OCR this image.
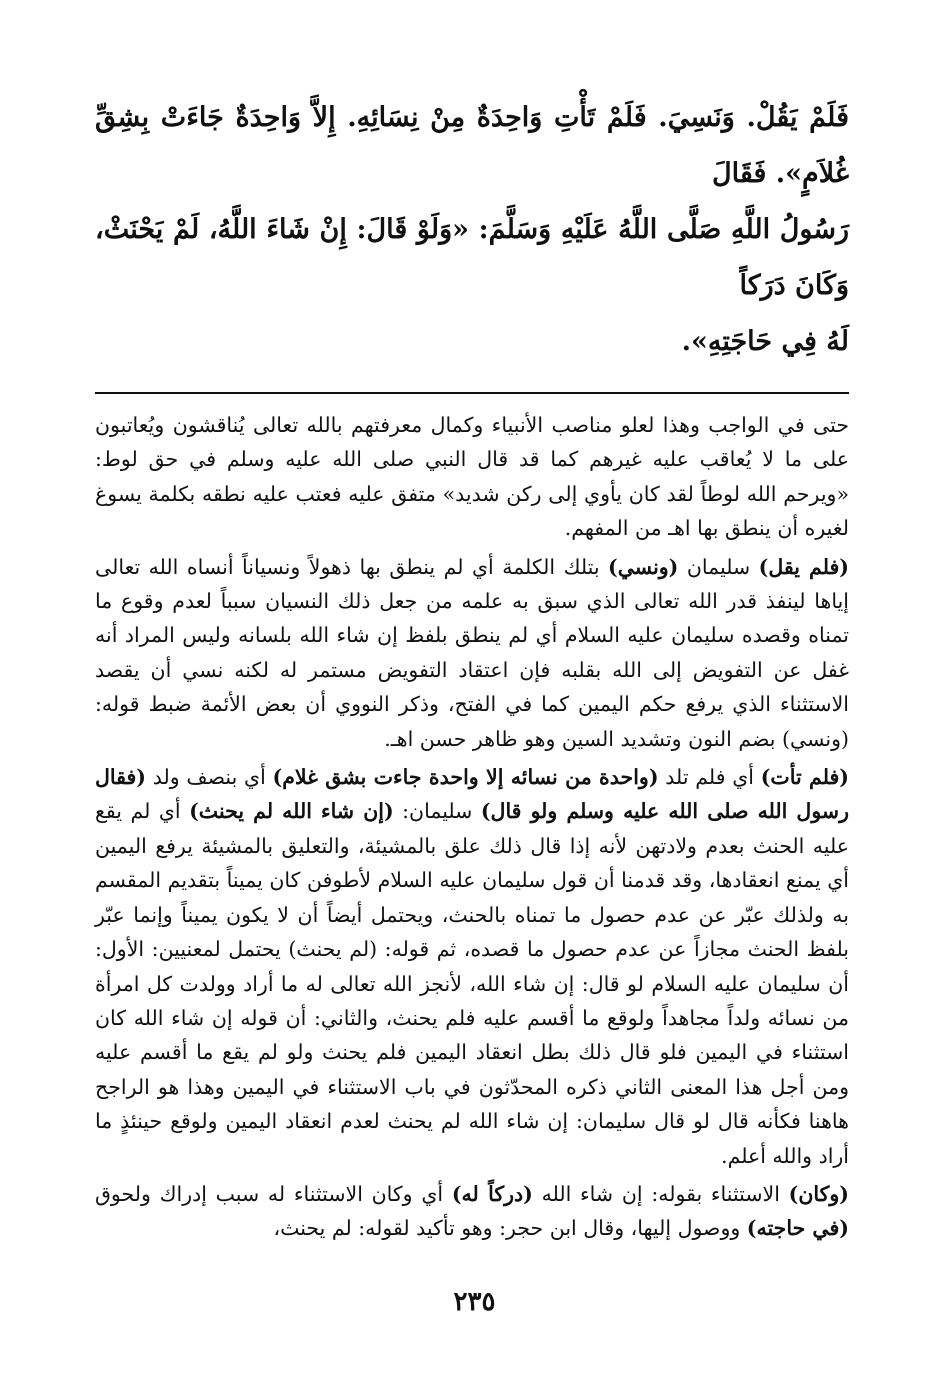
فَلَمْ يَقُلْ. وَنَسِيَ. فَلَمْ تَأْتِ وَاحِدَةٌ مِنْ نِسَائِهِ. إِلاَّ وَاحِدَةٌ جَاءَتْ بِشِقِّ غُلاَمٍ». فَقَالَ

رَسُولُ اللَّهِ صَلَّى اللَّهُ عَلَيْهِ وَسَلَّمَ: «وَلَوْ قَالَ: إِنْ شَاءَ اللَّهُ، لَمْ يَحْنَثْ، وَكَانَ دَرَكاً

لَهُ فِي حَاجَتِهِ».

حتى في الواجب وهذا لعلو مناصب الأنبياء وكمال معرفتهم بالله تعالى يُناقشون ويُعاتبون على ما لا يُعاقب عليه غيرهم كما قد قال النبي صلى الله عليه وسلم في حق لوط: «ويرحم الله لوطاً لقد كان يأوي إلى ركن شديد» متفق عليه فعتب عليه نطقه بكلمة يسوغ لغيره أن ينطق بها اهـ من المفهم.

(فلم يقل) سليمان (ونسي) بتلك الكلمة أي لم ينطق بها ذهولاً ونسياناً أنساه الله تعالى إياها لينفذ قدر الله تعالى الذي سبق به علمه من جعل ذلك النسيان سبباً لعدم وقوع ما تمناه وقصده سليمان عليه السلام أي لم ينطق بلفظ إن شاء الله بلسانه وليس المراد أنه غفل عن التفويض إلى الله بقلبه فإن اعتقاد التفويض مستمر له لكنه نسي أن يقصد الاستثناء الذي يرفع حكم اليمين كما في الفتح، وذكر النووي أن بعض الأئمة ضبط قوله: (ونسي) بضم النون وتشديد السين وهو ظاهر حسن اهـ.

(فلم تأت) أي فلم تلد (واحدة من نسائه إلا واحدة جاءت بشق غلام) أي بنصف ولد (فقال رسول الله صلى الله عليه وسلم ولو قال) سليمان: (إن شاء الله لم يحنث) أي لم يقع عليه الحنث بعدم ولادتهن لأنه إذا قال ذلك علق بالمشيئة، والتعليق بالمشيئة يرفع اليمين أي يمنع انعقادها، وقد قدمنا أن قول سليمان عليه السلام لأطوفن كان يميناً بتقديم المقسم به ولذلك عبّر عن عدم حصول ما تمناه بالحنث، ويحتمل أيضاً أن لا يكون يميناً وإنما عبّر بلفظ الحنث مجازاً عن عدم حصول ما قصده، ثم قوله: (لم يحنث) يحتمل لمعنيين: الأول: أن سليمان عليه السلام لو قال: إن شاء الله، لأنجز الله تعالى له ما أراد وولدت كل امرأة من نسائه ولداً مجاهداً ولوقع ما أقسم عليه فلم يحنث، والثاني: أن قوله إن شاء الله كان استثناء في اليمين فلو قال ذلك بطل انعقاد اليمين فلم يحنث ولو لم يقع ما أقسم عليه ومن أجل هذا المعنى الثاني ذكره المحدّثون في باب الاستثناء في اليمين وهذا هو الراجح هاهنا فكأنه قال لو قال سليمان: إن شاء الله لم يحنث لعدم انعقاد اليمين ولوقع حينئذٍ ما أراد والله أعلم.

(وكان) الاستثناء بقوله: إن شاء الله (دركاً له) أي وكان الاستثناء له سبب إدراك ولحوق (في حاجته) ووصول إليها، وقال ابن حجر: وهو تأكيد لقوله: لم يحنث،

٢٣٥
